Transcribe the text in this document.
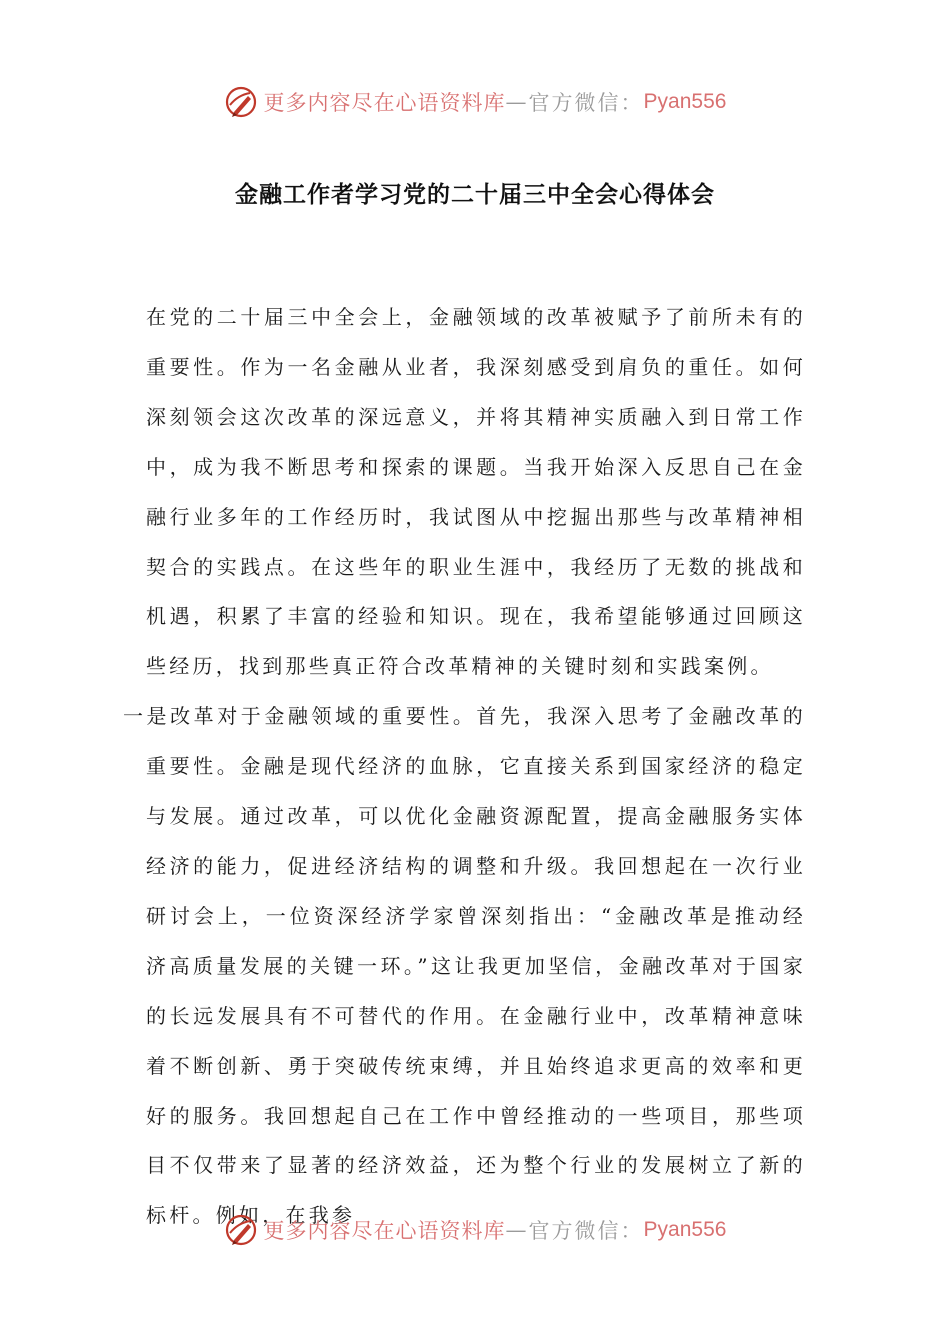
更多内容尽在心语资料库 — 官方微信： Pyan556
金融工作者学习党的二十届三中全会心得体会

在党的二十届三中全会上，金融领域的改革被赋予了前所未有的重要性。作为一名金融从业者，我深刻感受到肩负的重任。如何深刻领会这次改革的深远意义，并将其精神实质融入到日常工作中，成为我不断思考和探索的课题。当我开始深入反思自己在金融行业多年的工作经历时，我试图从中挖掘出那些与改革精神相契合的实践点。在这些年的职业生涯中，我经历了无数的挑战和机遇，积累了丰富的经验和知识。现在，我希望能够通过回顾这些经历，找到那些真正符合改革精神的关键时刻和实践案例。

一是改革对于金融领域的重要性。首先，我深入思考了金融改革的重要性。金融是现代经济的血脉，它直接关系到国家经济的稳定与发展。通过改革，可以优化金融资源配置，提高金融服务实体经济的能力，促进经济结构的调整和升级。我回想起在一次行业研讨会上，一位资深经济学家曾深刻指出：“金融改革是推动经济高质量发展的关键一环。”这让我更加坚信，金融改革对于国家的长远发展具有不可替代的作用。在金融行业中，改革精神意味着不断创新、勇于突破传统束缚，并且始终追求更高的效率和更好的服务。我回想起自己在工作中曾经推动的一些项目，那些项目不仅带来了显著的经济效益，还为整个行业的发展树立了新的标杆。例如，在我参

更多内容尽在心语资料库 — 官方微信： Pyan556
